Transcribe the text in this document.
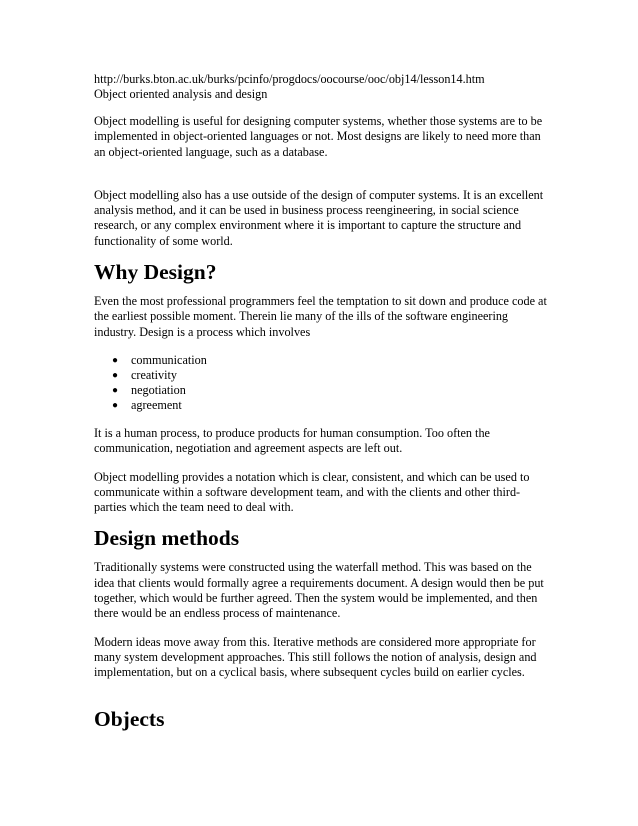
http://burks.bton.ac.uk/burks/pcinfo/progdocs/oocourse/ooc/obj14/lesson14.htm

Object oriented analysis and design

Object modelling is useful for designing computer systems, whether those systems are to be implemented in object-oriented languages or not. Most designs are likely to need more than an object-oriented language, such as a database.

Object modelling also has a use outside of the design of computer systems. It is an excellent analysis method, and it can be used in business process reengineering, in social science research, or any complex environment where it is important to capture the structure and functionality of some world.

Why Design?

Even the most professional programmers feel the temptation to sit down and produce code at the earliest possible moment. Therein lie many of the ills of the software engineering industry. Design is a process which involves

● communication
● creativity
● negotiation
● agreement

It is a human process, to produce products for human consumption. Too often the communication, negotiation and agreement aspects are left out.

Object modelling provides a notation which is clear, consistent, and which can be used to communicate within a software development team, and with the clients and other third-parties which the team need to deal with.

Design methods

Traditionally systems were constructed using the waterfall method. This was based on the idea that clients would formally agree a requirements document. A design would then be put together, which would be further agreed. Then the system would be implemented, and then there would be an endless process of maintenance.

Modern ideas move away from this. Iterative methods are considered more appropriate for many system development approaches. This still follows the notion of analysis, design and implementation, but on a cyclical basis, where subsequent cycles build on earlier cycles.

Objects
